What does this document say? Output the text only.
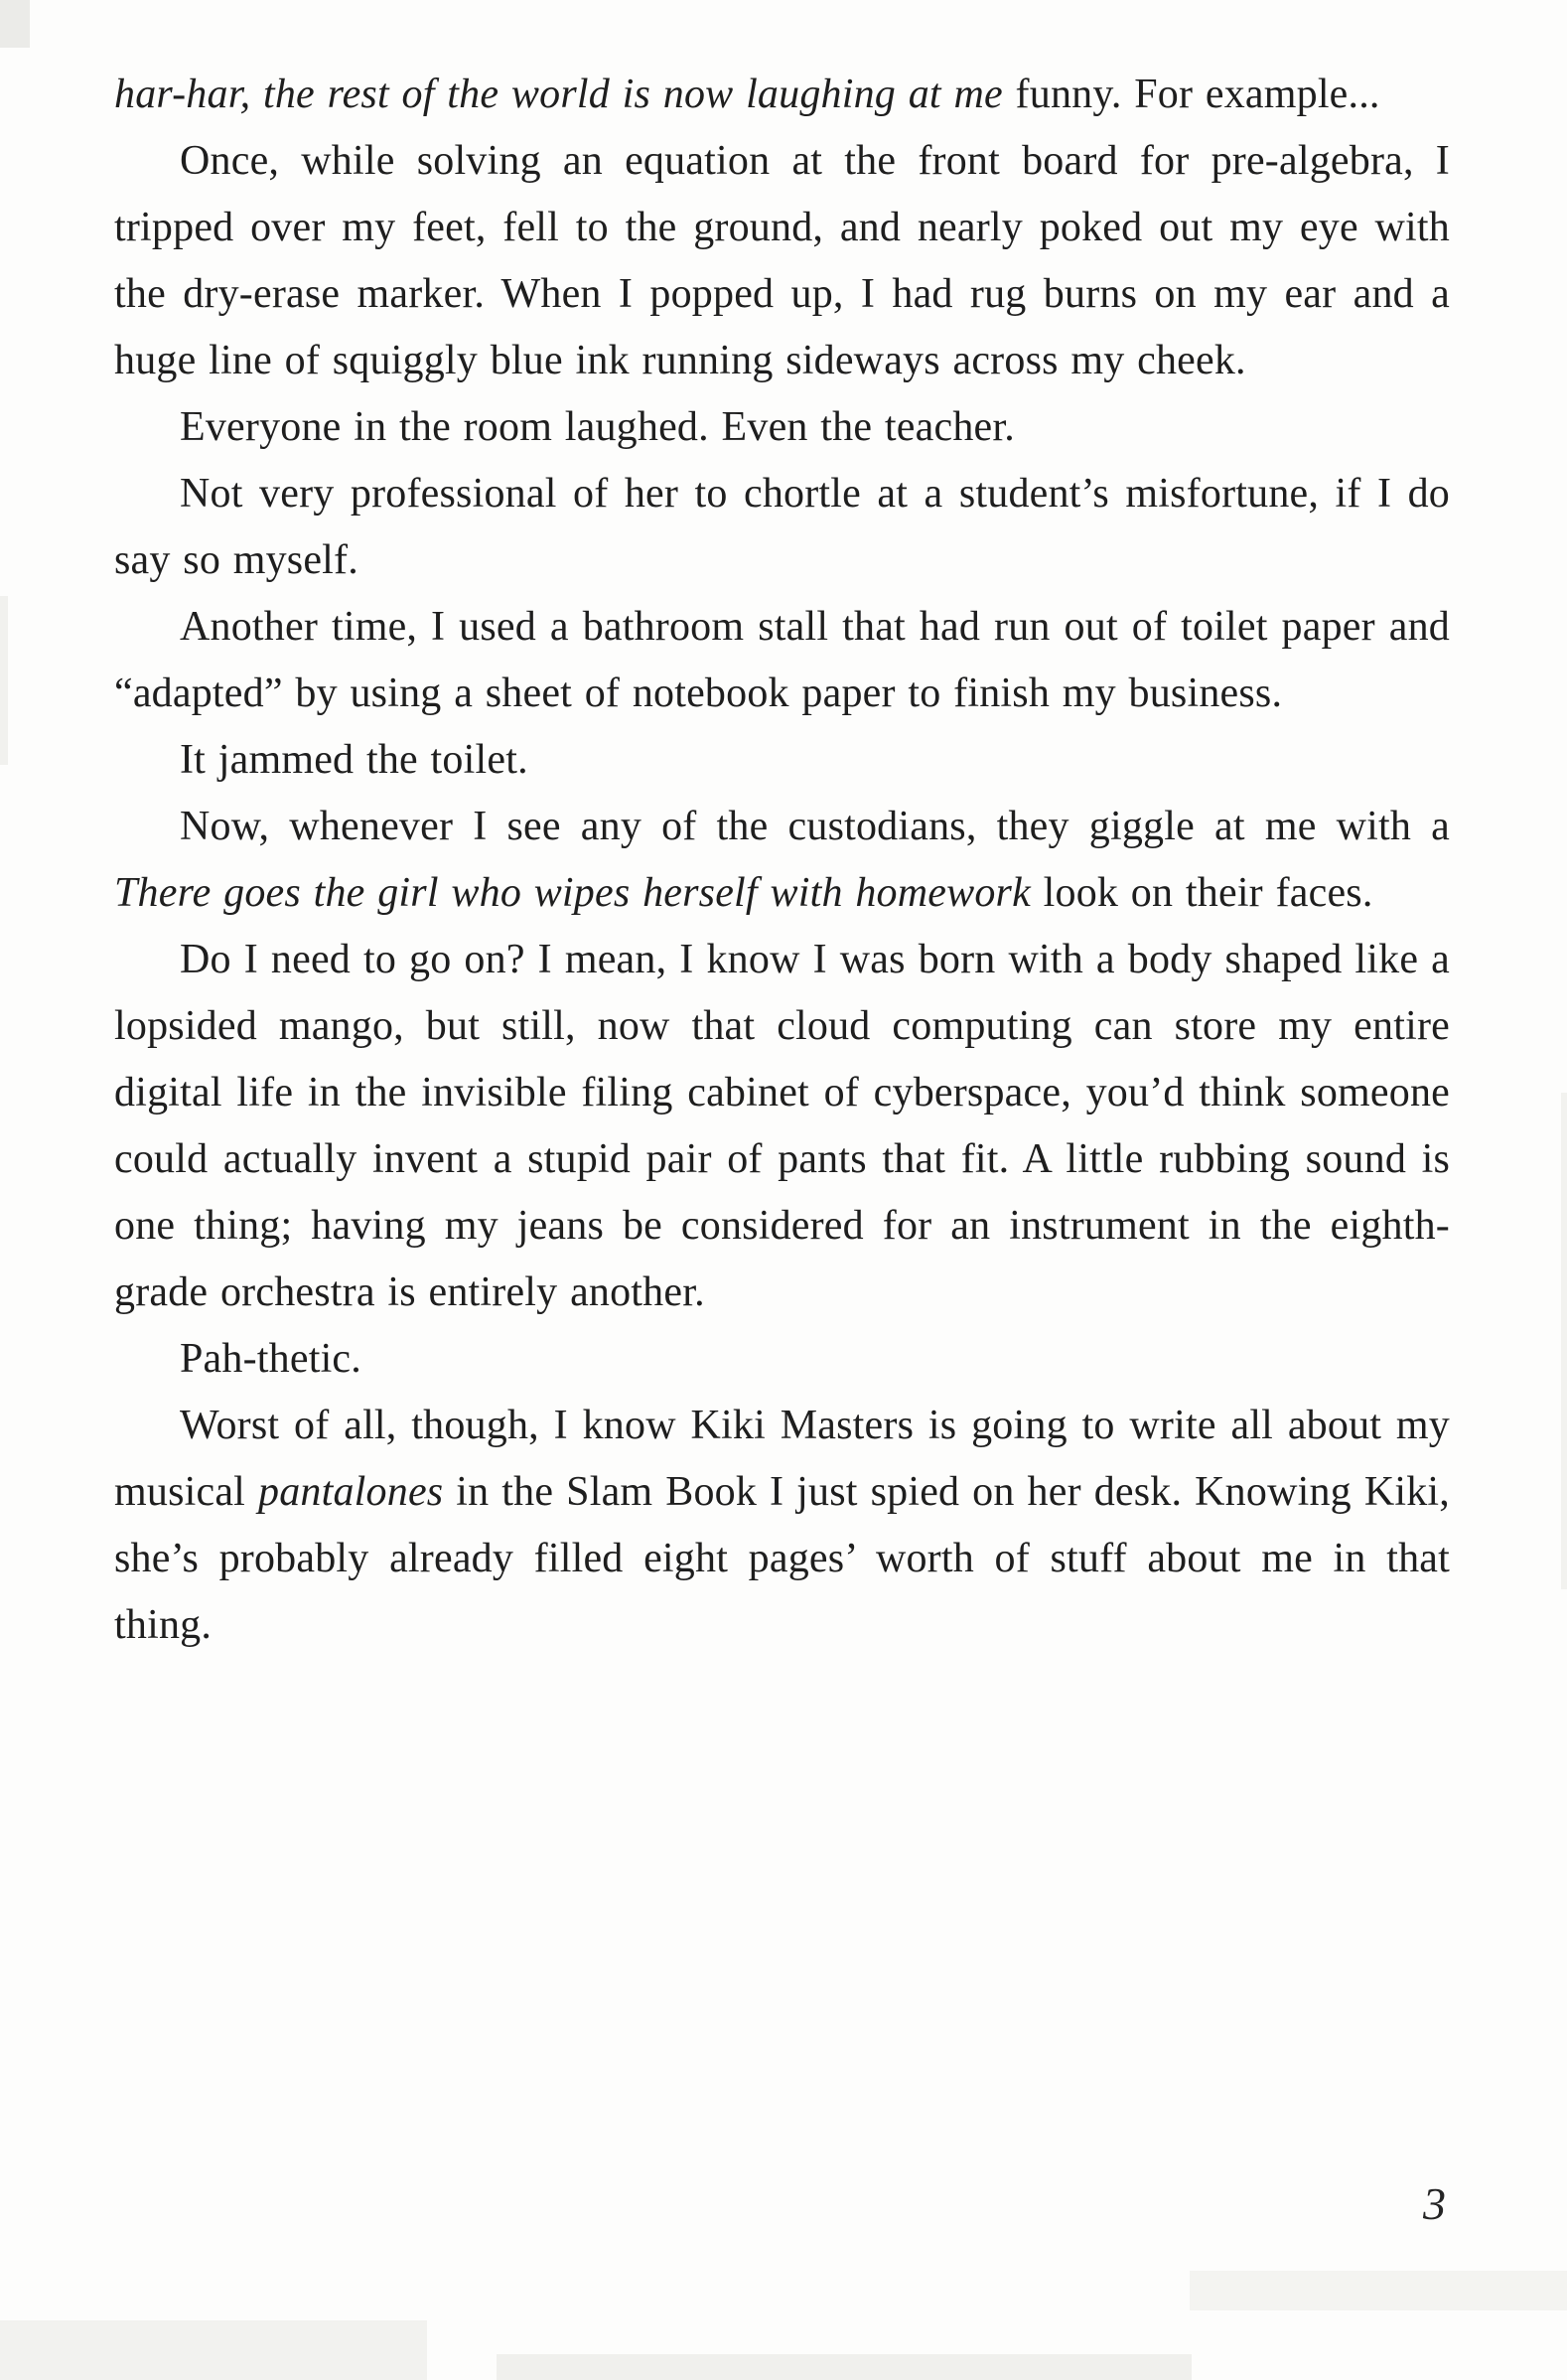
har-har, the rest of the world is now laughing at me funny. For example...

Once, while solving an equation at the front board for pre-algebra, I tripped over my feet, fell to the ground, and nearly poked out my eye with the dry-erase marker. When I popped up, I had rug burns on my ear and a huge line of squiggly blue ink running sideways across my cheek.

Everyone in the room laughed. Even the teacher.

Not very professional of her to chortle at a student’s misfortune, if I do say so myself.

Another time, I used a bathroom stall that had run out of toilet paper and “adapted” by using a sheet of notebook paper to finish my business.

It jammed the toilet.

Now, whenever I see any of the custodians, they giggle at me with a There goes the girl who wipes herself with homework look on their faces.

Do I need to go on? I mean, I know I was born with a body shaped like a lopsided mango, but still, now that cloud computing can store my entire digital life in the invisible filing cabinet of cyberspace, you’d think someone could actually invent a stupid pair of pants that fit. A little rubbing sound is one thing; having my jeans be considered for an instrument in the eighth-grade orchestra is entirely another.

Pah-thetic.

Worst of all, though, I know Kiki Masters is going to write all about my musical pantalones in the Slam Book I just spied on her desk. Knowing Kiki, she’s probably already filled eight pages’ worth of stuff about me in that thing.

3
